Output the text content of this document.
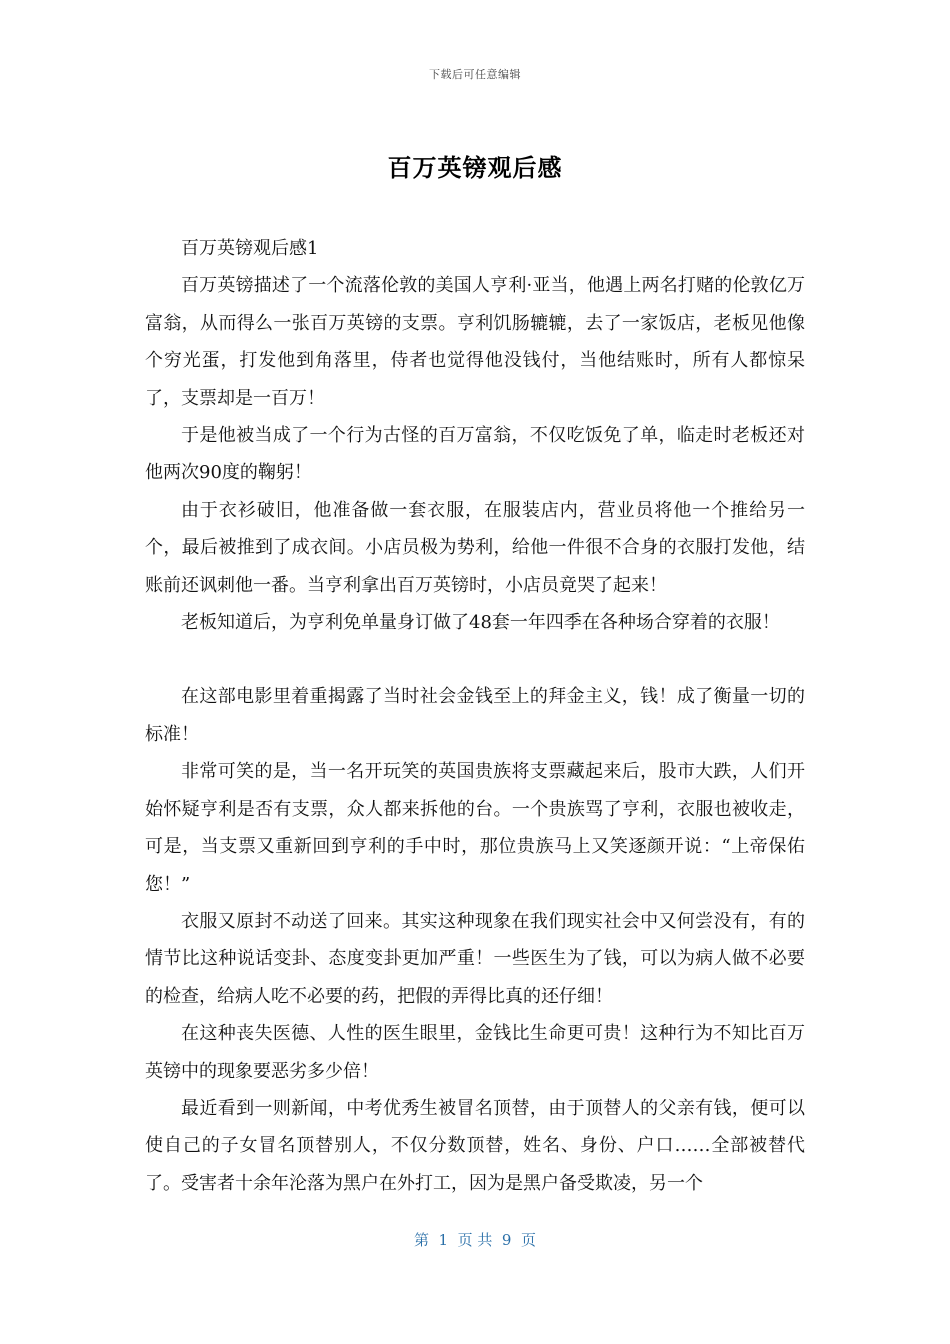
下载后可任意编辑
百万英镑观后感

百万英镑观后感1

百万英镑描述了一个流落伦敦的美国人亨利·亚当，他遇上两名打赌的伦敦亿万富翁，从而得么一张百万英镑的支票。亨利饥肠辘辘，去了一家饭店，老板见他像个穷光蛋，打发他到角落里，侍者也觉得他没钱付，当他结账时，所有人都惊呆了，支票却是一百万！

于是他被当成了一个行为古怪的百万富翁，不仅吃饭免了单，临走时老板还对他两次90度的鞠躬！

由于衣衫破旧，他准备做一套衣服，在服装店内，营业员将他一个推给另一个，最后被推到了成衣间。小店员极为势利，给他一件很不合身的衣服打发他，结账前还讽刺他一番。当亨利拿出百万英镑时，小店员竟哭了起来！

老板知道后，为亨利免单量身订做了48套一年四季在各种场合穿着的衣服！

在这部电影里着重揭露了当时社会金钱至上的拜金主义，钱！成了衡量一切的标准！

非常可笑的是，当一名开玩笑的英国贵族将支票藏起来后，股市大跌，人们开始怀疑亨利是否有支票，众人都来拆他的台。一个贵族骂了亨利，衣服也被收走，可是，当支票又重新回到亨利的手中时，那位贵族马上又笑逐颜开说：“上帝保佑您！”

衣服又原封不动送了回来。其实这种现象在我们现实社会中又何尝没有，有的情节比这种说话变卦、态度变卦更加严重！一些医生为了钱，可以为病人做不必要的检查，给病人吃不必要的药，把假的弄得比真的还仔细！

在这种丧失医德、人性的医生眼里，金钱比生命更可贵！这种行为不知比百万英镑中的现象要恶劣多少倍！

最近看到一则新闻，中考优秀生被冒名顶替，由于顶替人的父亲有钱，便可以使自己的子女冒名顶替别人，不仅分数顶替，姓名、身份、户口……全部被替代了。受害者十余年沦落为黑户在外打工，因为是黑户备受欺凌，另一个

第  1  页 共  9  页
